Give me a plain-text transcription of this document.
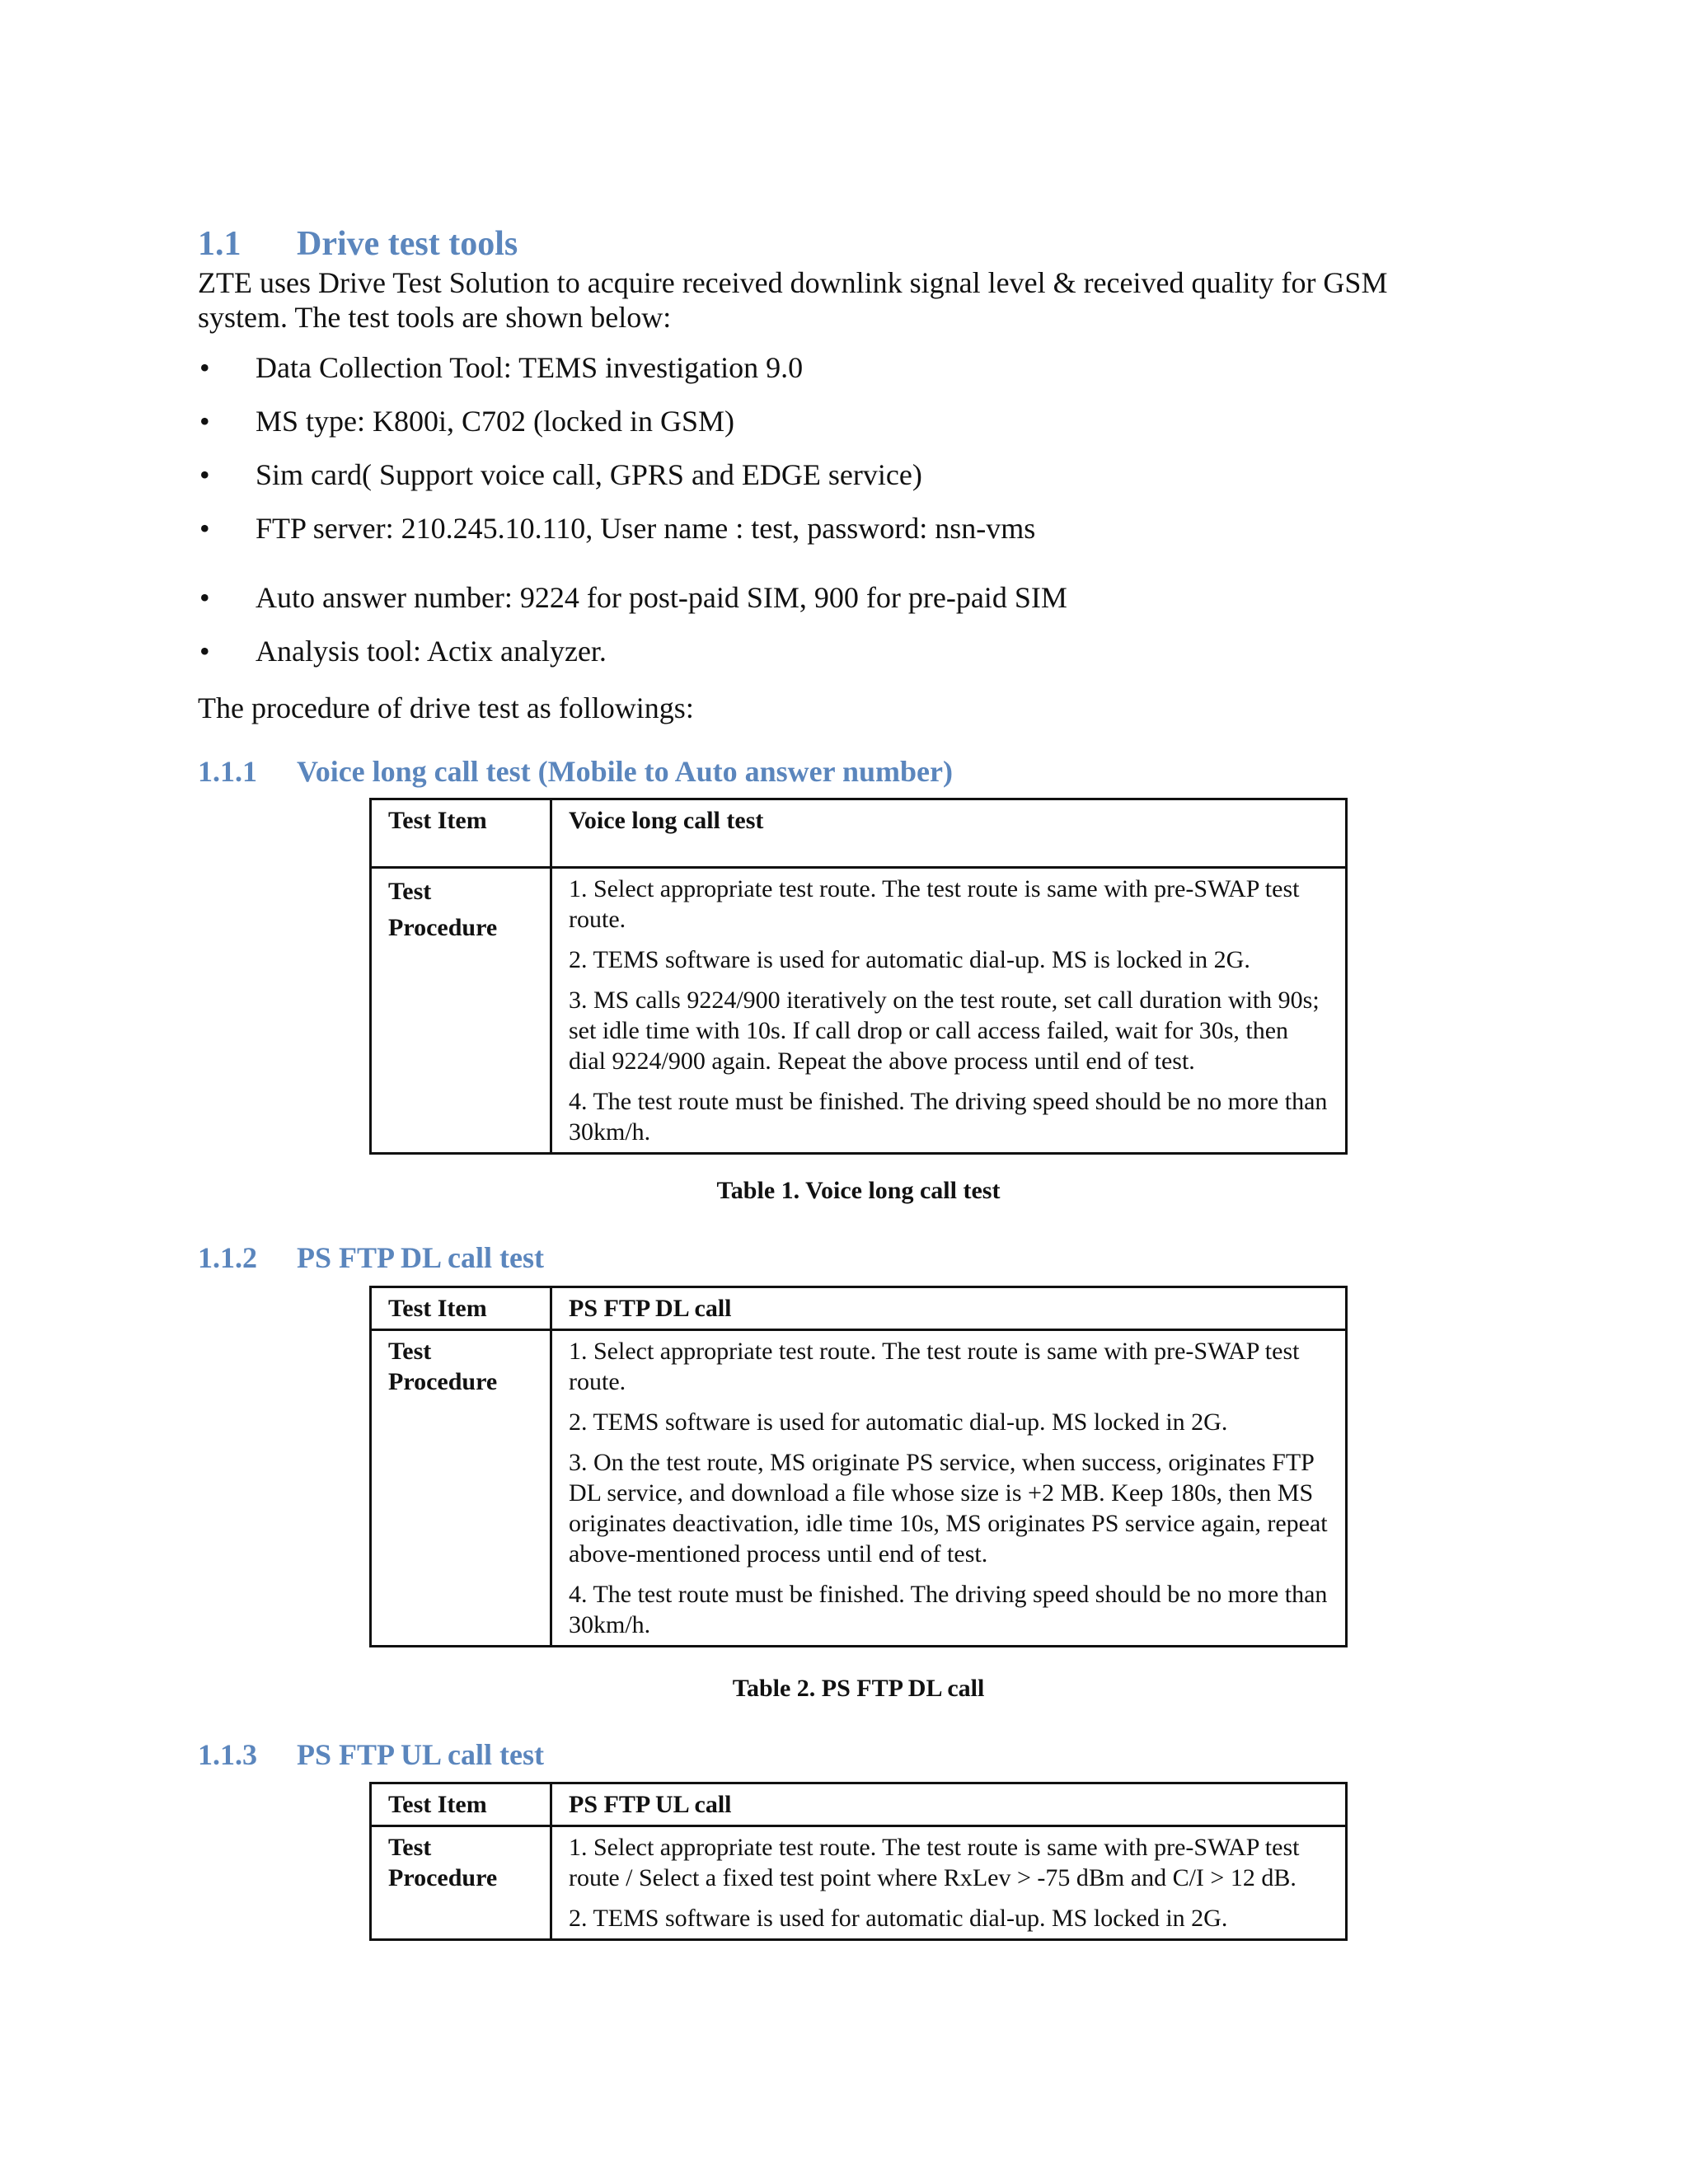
1.1 Drive test tools
ZTE uses Drive Test Solution to acquire received downlink signal level & received quality for GSM system. The test tools are shown below:
• Data Collection Tool: TEMS investigation 9.0
• MS type: K800i, C702 (locked in GSM)
• Sim card( Support voice call, GPRS and EDGE service)
• FTP server: 210.245.10.110, User name : test, password: nsn-vms
• Auto answer number: 9224 for post-paid SIM, 900 for pre-paid SIM
• Analysis tool: Actix analyzer.
The procedure of drive test as followings:
1.1.1 Voice long call test (Mobile to Auto answer number)
Test Item	Voice long call test
Test Procedure	1. Select appropriate test route. The test route is same with pre-SWAP test route.

2. TEMS software is used for automatic dial-up. MS is locked in 2G.

3. MS calls 9224/900 iteratively on the test route, set call duration with 90s; set idle time with 10s. If call drop or call access failed, wait for 30s, then dial 9224/900 again. Repeat the above process until end of test.

4. The test route must be finished. The driving speed should be no more than 30km/h.

Table 1. Voice long call test
1.1.2 PS FTP DL call test
Test Item	PS FTP DL call
Test Procedure	1. Select appropriate test route. The test route is same with pre-SWAP test route.

2. TEMS software is used for automatic dial-up. MS locked in 2G.

3. On the test route, MS originate PS service, when success, originates FTP DL service, and download a file whose size is +2 MB. Keep 180s, then MS originates deactivation, idle time 10s, MS originates PS service again, repeat above-mentioned process until end of test.

4. The test route must be finished. The driving speed should be no more than 30km/h.

Table 2. PS FTP DL call
1.1.3 PS FTP UL call test
Test Item	PS FTP UL call
Test Procedure	1. Select appropriate test route. The test route is same with pre-SWAP test route / Select a fixed test point where RxLev > -75 dBm and C/I > 12 dB.

2. TEMS software is used for automatic dial-up. MS locked in 2G.
